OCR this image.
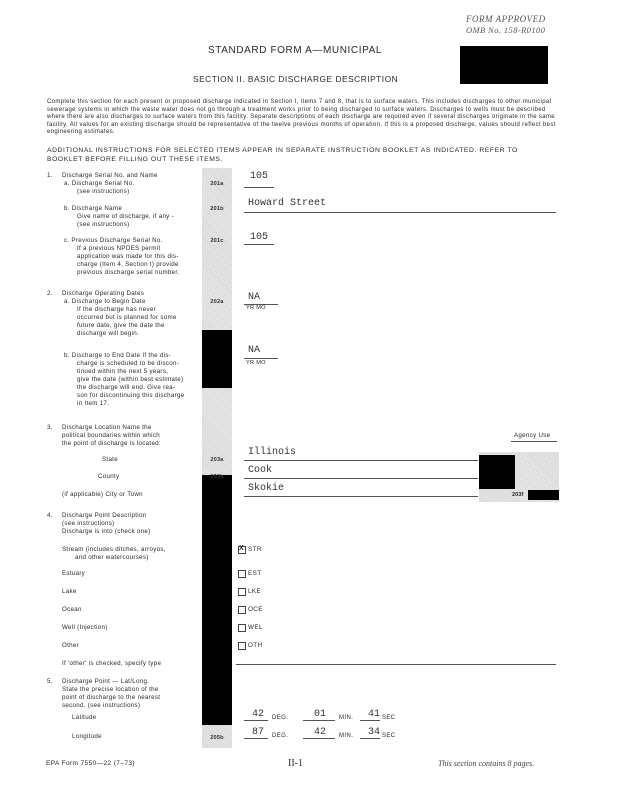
FORM APPROVED
OMB No. 158-R0100
STANDARD FORM A—MUNICIPAL
SECTION II. BASIC DISCHARGE DESCRIPTION
Complete this section for each present or proposed discharge indicated in Section I, items 7 and 8, that is to surface waters. This includes discharges to other municipal sewerage systems in which the waste water does not go through a treatment works prior to being discharged to surface waters. Discharges to wells must be described where there are also discharges to surface waters from this facility. Separate descriptions of each discharge are required even if several discharges originate in the same facility. All values for an existing discharge should be representative of the twelve previous months of operation. If this is a proposed discharge, values should reflect best engineering estimates.
ADDITIONAL INSTRUCTIONS FOR SELECTED ITEMS APPEAR IN SEPARATE INSTRUCTION BOOKLET AS INDICATED. REFER TO
BOOKLET BEFORE FILLING OUT THESE ITEMS.
1. Discharge Serial No. and Name
a. Discharge Serial No.
(see instructions)
201a
105
b. Discharge Name
Give name of discharge, if any -
(see instructions)
201b	Howard Street
c. Previous Discharge Serial No.
If a previous NPDES permit
application was made for this dis-
charge (Item 4, Section I) provide
previous discharge serial number.
201c	105
2. Discharge Operating Dates
a. Discharge to Begin Date
If the discharge has never
occurred but is planned for some
future date, give the date the
discharge will begin.
202a	NA
YR MO
b. Discharge to End Date If the dis-
charge is scheduled to be discon-
tinued within the next 5 years,
give the date (within best estimate)
the discharge will end. Give rea-
son for discontinuing this discharge
in Item 17.
NA
YR MO
3. Discharge Location Name the
political boundaries within which
the point of discharge is located:
Agency Use
State	203a
Illinois
County	203b
Cook
(if applicable) City or Town
Skokie
203f
4. Discharge Point Description
(see instructions)
Discharge is into (check one)
Stream (includes ditches, arroyos,
and other watercourses)
X STR
Estuary	EST
Lake	LKE
Ocean	OCE
Well (Injection)	WEL
Other	OTH
If 'other' is checked, specify type
5. Discharge Point — Lat/Long.
State the precise location of the
point of discharge to the nearest
second. (see instructions)
Latitude	42 DEG.	01 MIN. 41 SEC
Longitude	205b	87 DEG.	42 MIN. 34 SEC
EPA Form 7550—22 (7–73)	II-1	This section contains 8 pages.
